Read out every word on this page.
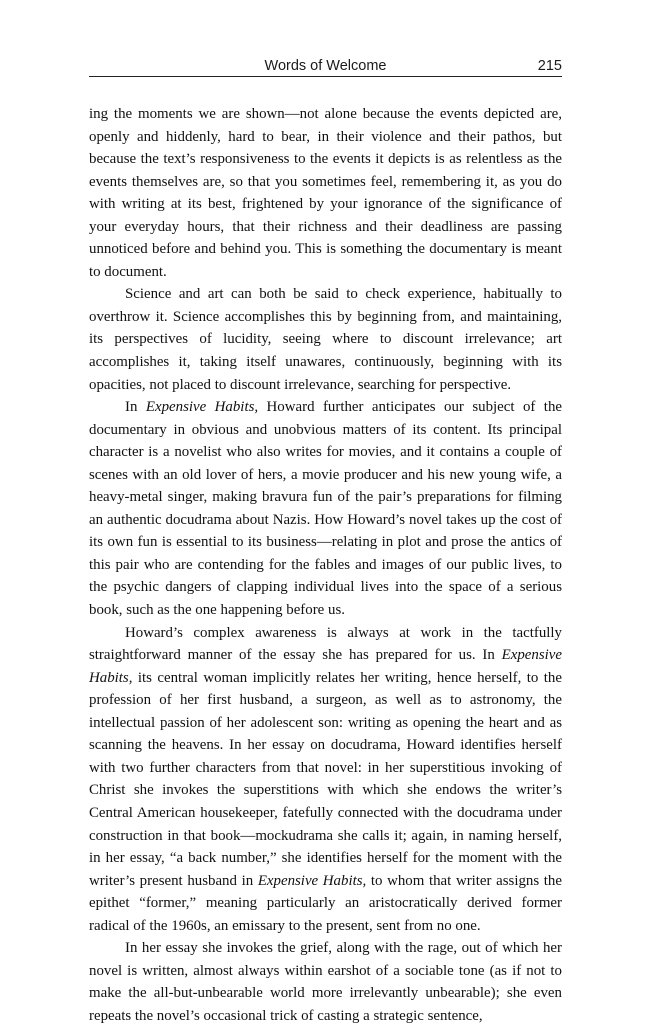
Words of Welcome	215

ing the moments we are shown—not alone because the events depicted are, openly and hiddenly, hard to bear, in their violence and their pathos, but because the text’s responsiveness to the events it depicts is as relentless as the events themselves are, so that you sometimes feel, remembering it, as you do with writing at its best, frightened by your ignorance of the significance of your everyday hours, that their richness and their deadliness are passing unnoticed before and behind you. This is something the documentary is meant to document.

Science and art can both be said to check experience, habitually to overthrow it. Science accomplishes this by beginning from, and maintaining, its perspectives of lucidity, seeing where to discount irrelevance; art accomplishes it, taking itself unawares, continuously, beginning with its opacities, not placed to discount irrelevance, searching for perspective.

In Expensive Habits, Howard further anticipates our subject of the documentary in obvious and unobvious matters of its content. Its principal character is a novelist who also writes for movies, and it contains a couple of scenes with an old lover of hers, a movie producer and his new young wife, a heavy-metal singer, making bravura fun of the pair’s preparations for filming an authentic docudrama about Nazis. How Howard’s novel takes up the cost of its own fun is essential to its business—relating in plot and prose the antics of this pair who are contending for the fables and images of our public lives, to the psychic dangers of clapping individual lives into the space of a serious book, such as the one happening before us.

Howard’s complex awareness is always at work in the tactfully straightforward manner of the essay she has prepared for us. In Expensive Habits, its central woman implicitly relates her writing, hence herself, to the profession of her first husband, a surgeon, as well as to astronomy, the intellectual passion of her adolescent son: writing as opening the heart and as scanning the heavens. In her essay on docudrama, Howard identifies herself with two further characters from that novel: in her superstitious invoking of Christ she invokes the superstitions with which she endows the writer’s Central American housekeeper, fatefully connected with the docudrama under construction in that book—mockudrama she calls it; again, in naming herself, in her essay, “a back number,” she identifies herself for the moment with the writer’s present husband in Expensive Habits, to whom that writer assigns the epithet “former,” meaning particularly an aristocratically derived former radical of the 1960s, an emissary to the present, sent from no one.

In her essay she invokes the grief, along with the rage, out of which her novel is written, almost always within earshot of a sociable tone (as if not to make the all-but-unbearable world more irrelevantly unbearable); she even repeats the novel’s occasional trick of casting a strategic sentence,
